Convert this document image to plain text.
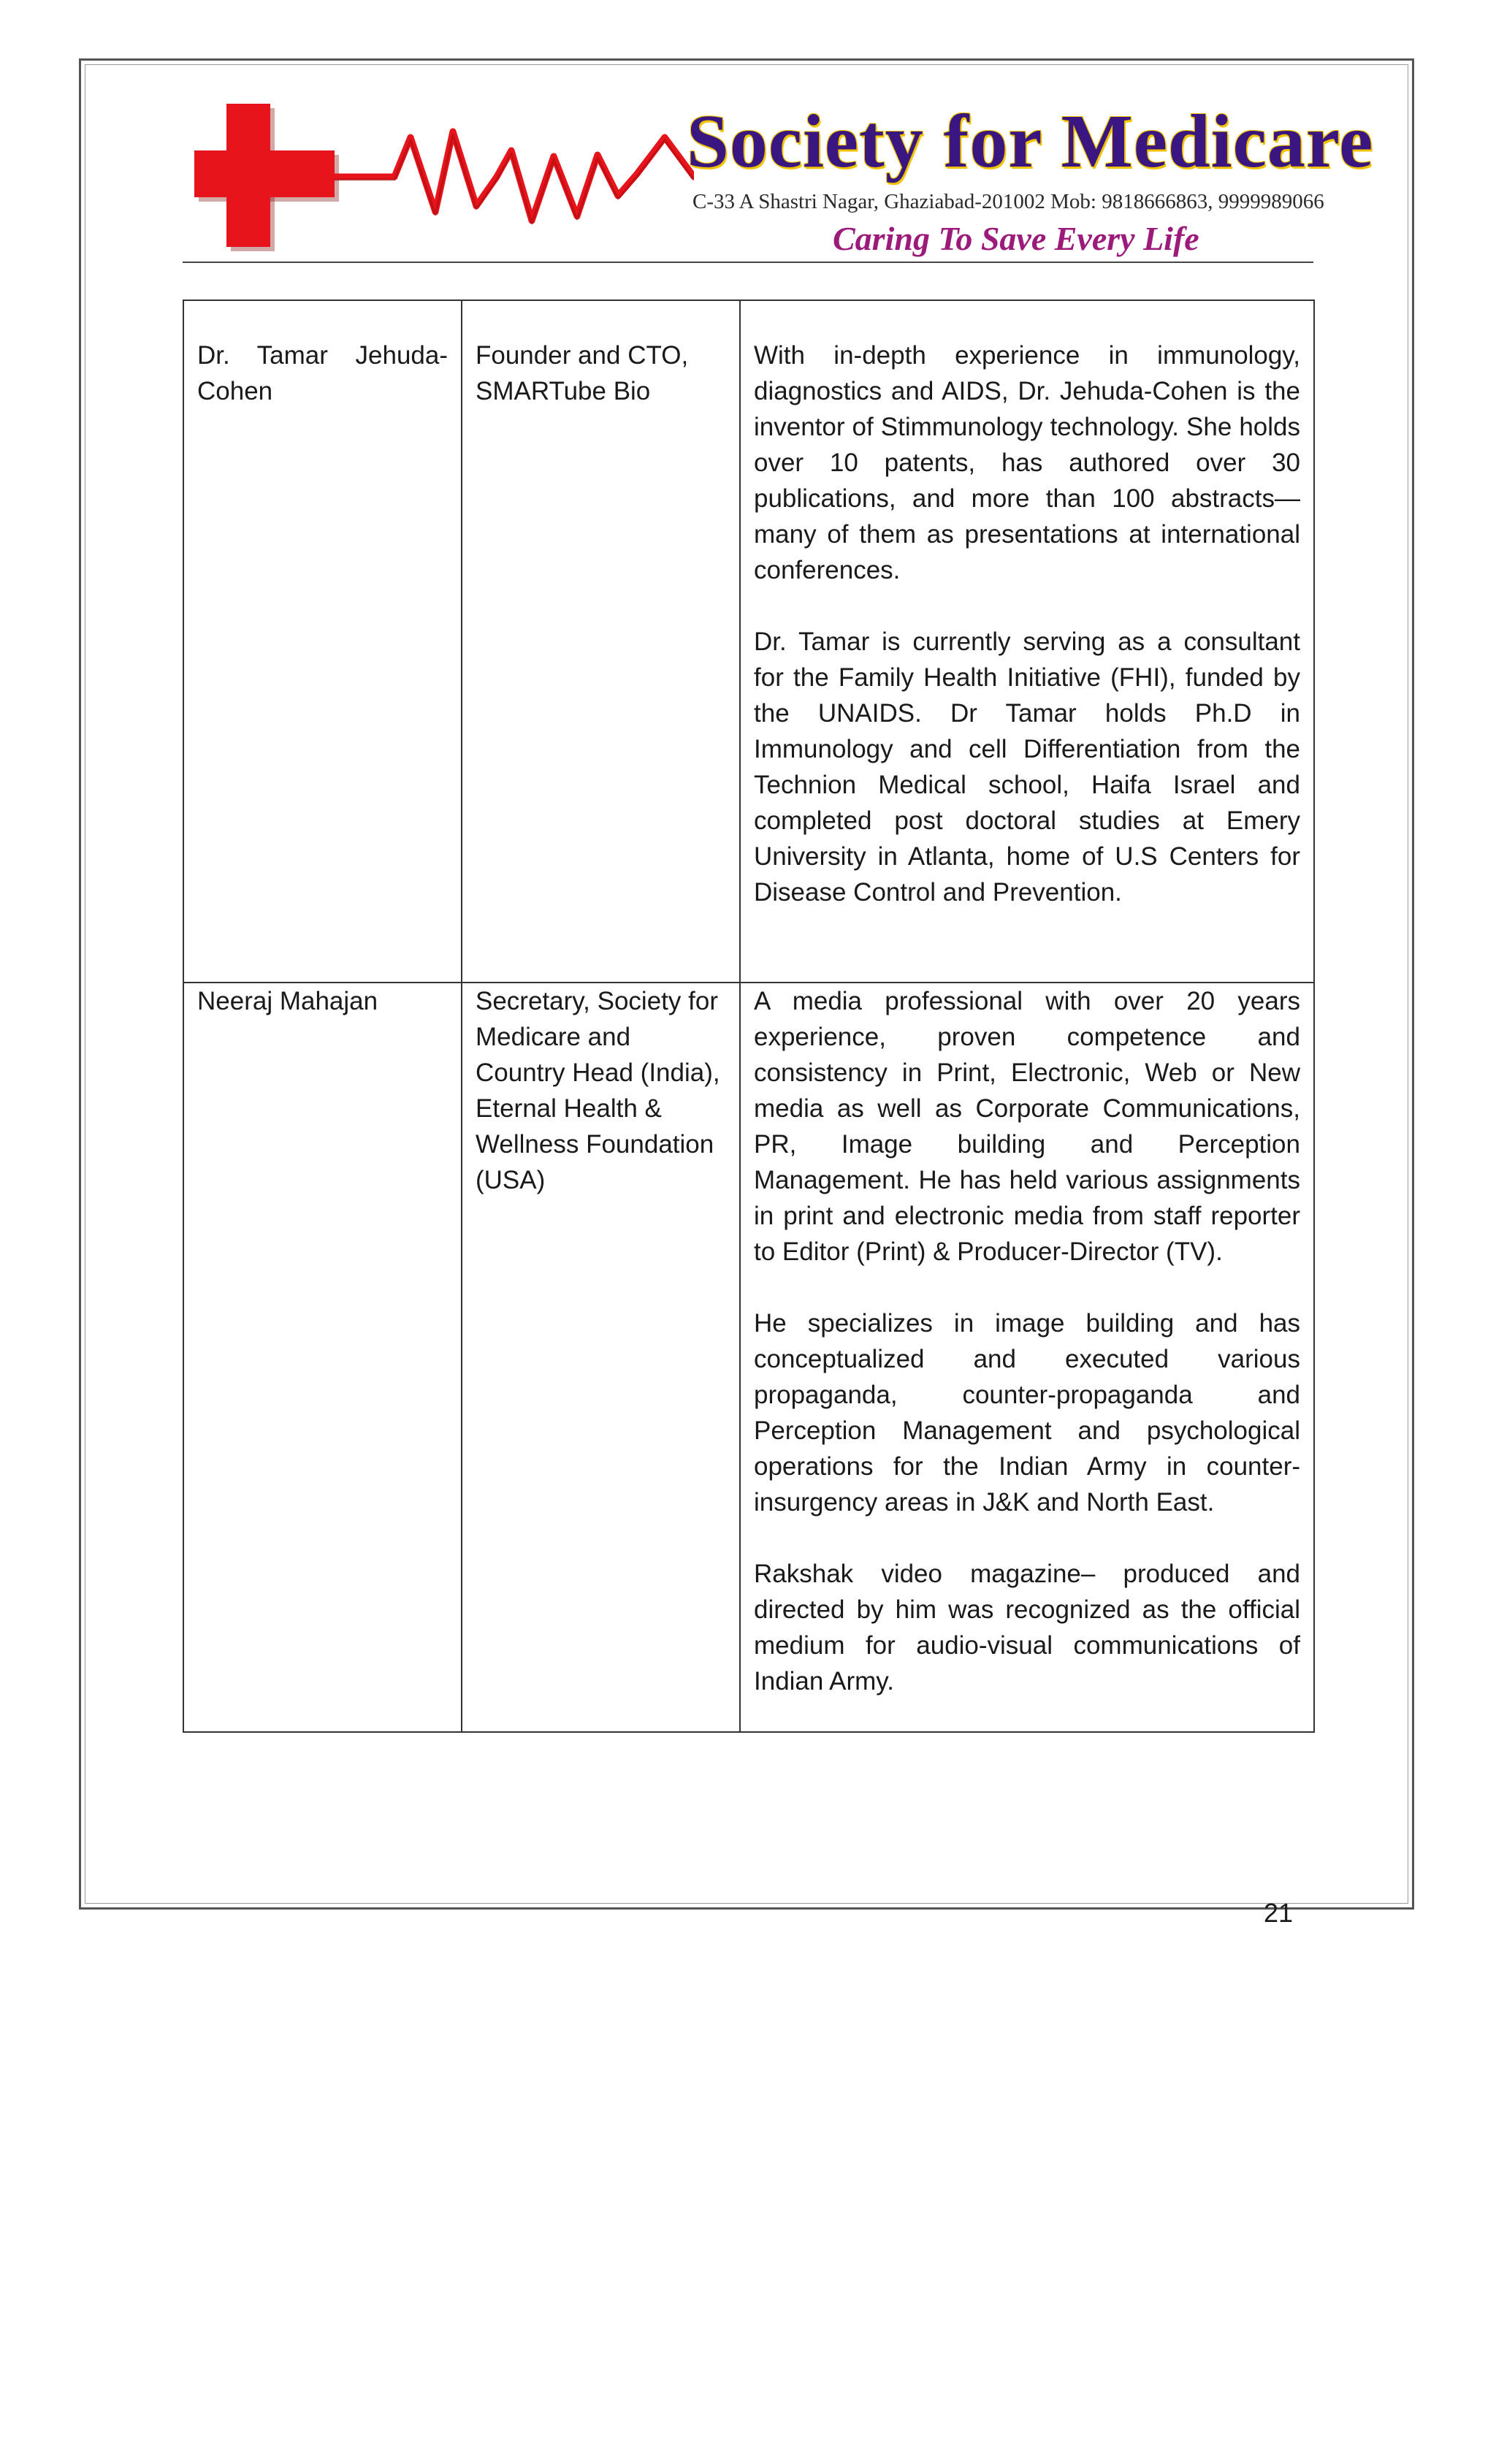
Society for Medicare
C-33 A Shastri Nagar, Ghaziabad-201002 Mob: 9818666863, 9999989066
Caring To Save Every Life
Dr. Tamar Jehuda-Cohen	Founder and CTO, SMARTube Bio	With in-depth experience in immunology, diagnostics and AIDS, Dr. Jehuda-Cohen is the inventor of Stimmunology technology. She holds over 10 patents, has authored over 30 publications, and more than 100 abstracts—many of them as presentations at international conferences.

Dr. Tamar is currently serving as a consultant for the Family Health Initiative (FHI), funded by the UNAIDS. Dr Tamar holds Ph.D in Immunology and cell Differentiation from the Technion Medical school, Haifa Israel and completed post doctoral studies at Emery University in Atlanta, home of U.S Centers for Disease Control and Prevention.

Neeraj Mahajan	Secretary, Society for Medicare and Country Head (India), Eternal Health & Wellness Foundation (USA)	A media professional with over 20 years experience, proven competence and consistency in Print, Electronic, Web or New media as well as Corporate Communications, PR, Image building and Perception Management. He has held various assignments in print and electronic media from staff reporter to Editor (Print) & Producer-Director (TV).

He specializes in image building and has conceptualized and executed various propaganda, counter-propaganda and Perception Management and psychological operations for the Indian Army in counter-insurgency areas in J&K and North East.

Rakshak video magazine– produced and directed by him was recognized as the official medium for audio-visual communications of Indian Army.

21
